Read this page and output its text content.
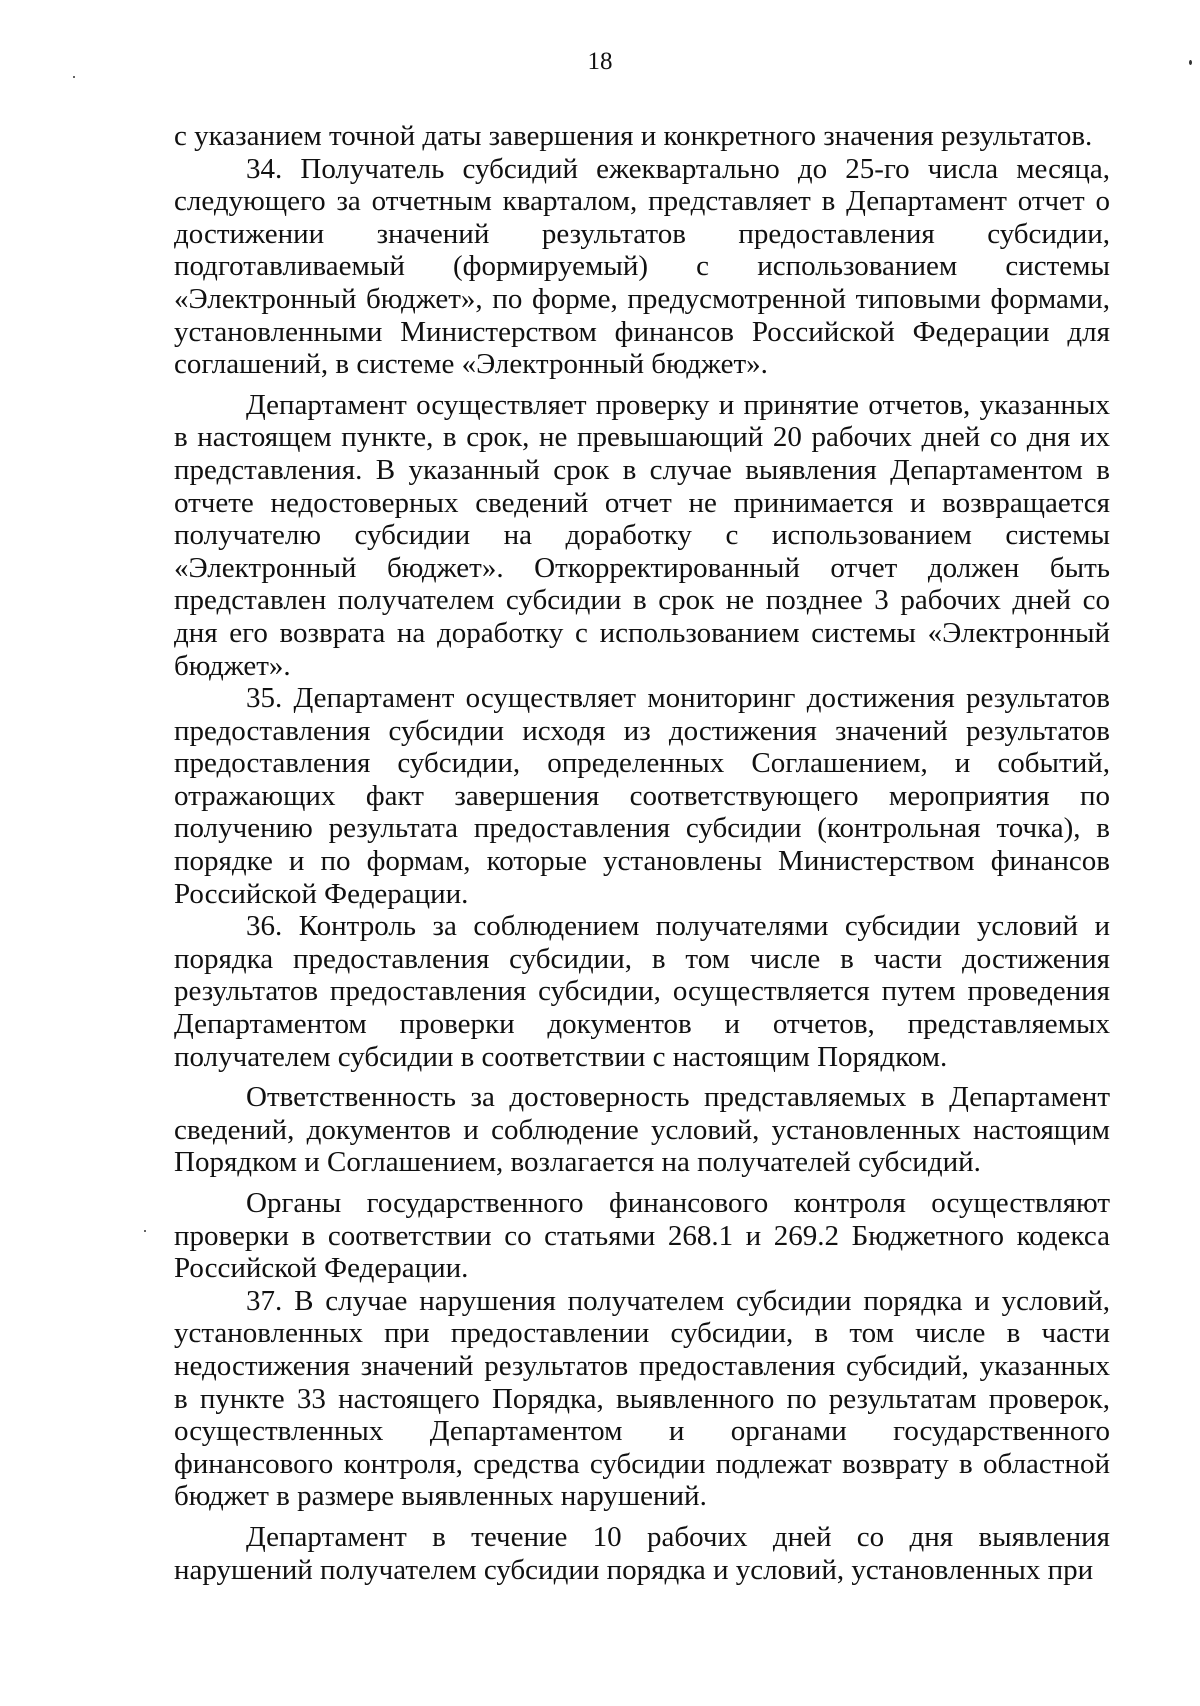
18

с указанием точной даты завершения и конкретного значения результатов.

34. Получатель субсидий ежеквартально до 25-го числа месяца, следующего за отчетным кварталом, представляет в Департамент отчет о достижении значений результатов предоставления субсидии, подготавливаемый (формируемый) с использованием системы «Электронный бюджет», по форме, предусмотренной типовыми формами, установленными Министерством финансов Российской Федерации для соглашений, в системе «Электронный бюджет».

Департамент осуществляет проверку и принятие отчетов, указанных в настоящем пункте, в срок, не превышающий 20 рабочих дней со дня их представления. В указанный срок в случае выявления Департаментом в отчете недостоверных сведений отчет не принимается и возвращается получателю субсидии на доработку с использованием системы «Электронный бюджет». Откорректированный отчет должен быть представлен получателем субсидии в срок не позднее 3 рабочих дней со дня его возврата на доработку с использованием системы «Электронный бюджет».

35. Департамент осуществляет мониторинг достижения результатов предоставления субсидии исходя из достижения значений результатов предоставления субсидии, определенных Соглашением, и событий, отражающих факт завершения соответствующего мероприятия по получению результата предоставления субсидии (контрольная точка), в порядке и по формам, которые установлены Министерством финансов Российской Федерации.

36. Контроль за соблюдением получателями субсидии условий и порядка предоставления субсидии, в том числе в части достижения результатов предоставления субсидии, осуществляется путем проведения Департаментом проверки документов и отчетов, представляемых получателем субсидии в соответствии с настоящим Порядком.

Ответственность за достоверность представляемых в Департамент сведений, документов и соблюдение условий, установленных настоящим Порядком и Соглашением, возлагается на получателей субсидий.

Органы государственного финансового контроля осуществляют проверки в соответствии со статьями 268.1 и 269.2 Бюджетного кодекса Российской Федерации.

37. В случае нарушения получателем субсидии порядка и условий, установленных при предоставлении субсидии, в том числе в части недостижения значений результатов предоставления субсидий, указанных в пункте 33 настоящего Порядка, выявленного по результатам проверок, осуществленных Департаментом и органами государственного финансового контроля, средства субсидии подлежат возврату в областной бюджет в размере выявленных нарушений.

Департамент в течение 10 рабочих дней со дня выявления нарушений получателем субсидии порядка и условий, установленных при
